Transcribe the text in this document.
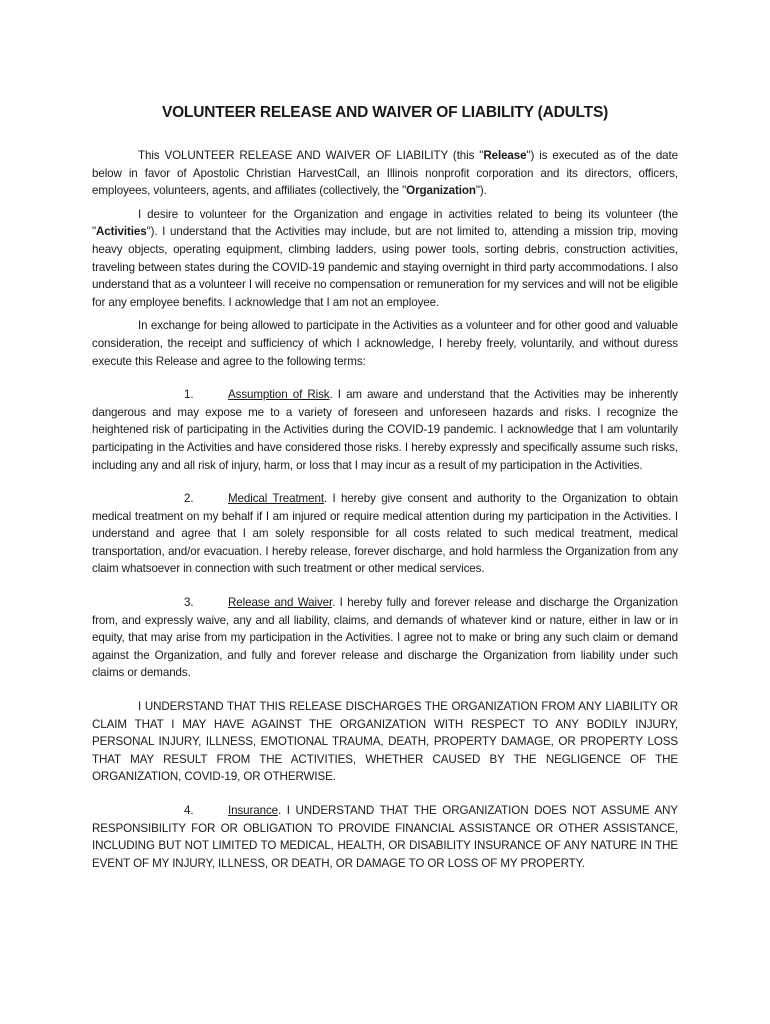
VOLUNTEER RELEASE AND WAIVER OF LIABILITY (ADULTS)

This VOLUNTEER RELEASE AND WAIVER OF LIABILITY (this "Release") is executed as of the date below in favor of Apostolic Christian HarvestCall, an Illinois nonprofit corporation and its directors, officers, employees, volunteers, agents, and affiliates (collectively, the "Organization").

I desire to volunteer for the Organization and engage in activities related to being its volunteer (the "Activities"). I understand that the Activities may include, but are not limited to, attending a mission trip, moving heavy objects, operating equipment, climbing ladders, using power tools, sorting debris, construction activities, traveling between states during the COVID-19 pandemic and staying overnight in third party accommodations. I also understand that as a volunteer I will receive no compensation or remuneration for my services and will not be eligible for any employee benefits. I acknowledge that I am not an employee.

In exchange for being allowed to participate in the Activities as a volunteer and for other good and valuable consideration, the receipt and sufficiency of which I acknowledge, I hereby freely, voluntarily, and without duress execute this Release and agree to the following terms:

1.	Assumption of Risk. I am aware and understand that the Activities may be inherently dangerous and may expose me to a variety of foreseen and unforeseen hazards and risks. I recognize the heightened risk of participating in the Activities during the COVID-19 pandemic. I acknowledge that I am voluntarily participating in the Activities and have considered those risks. I hereby expressly and specifically assume such risks, including any and all risk of injury, harm, or loss that I may incur as a result of my participation in the Activities.

2.	Medical Treatment. I hereby give consent and authority to the Organization to obtain medical treatment on my behalf if I am injured or require medical attention during my participation in the Activities. I understand and agree that I am solely responsible for all costs related to such medical treatment, medical transportation, and/or evacuation. I hereby release, forever discharge, and hold harmless the Organization from any claim whatsoever in connection with such treatment or other medical services.

3.	Release and Waiver. I hereby fully and forever release and discharge the Organization from, and expressly waive, any and all liability, claims, and demands of whatever kind or nature, either in law or in equity, that may arise from my participation in the Activities. I agree not to make or bring any such claim or demand against the Organization, and fully and forever release and discharge the Organization from liability under such claims or demands.

I UNDERSTAND THAT THIS RELEASE DISCHARGES THE ORGANIZATION FROM ANY LIABILITY OR CLAIM THAT I MAY HAVE AGAINST THE ORGANIZATION WITH RESPECT TO ANY BODILY INJURY, PERSONAL INJURY, ILLNESS, EMOTIONAL TRAUMA, DEATH, PROPERTY DAMAGE, OR PROPERTY LOSS THAT MAY RESULT FROM THE ACTIVITIES, WHETHER CAUSED BY THE NEGLIGENCE OF THE ORGANIZATION, COVID-19, OR OTHERWISE.

4.	Insurance. I UNDERSTAND THAT THE ORGANIZATION DOES NOT ASSUME ANY RESPONSIBILITY FOR OR OBLIGATION TO PROVIDE FINANCIAL ASSISTANCE OR OTHER ASSISTANCE, INCLUDING BUT NOT LIMITED TO MEDICAL, HEALTH, OR DISABILITY INSURANCE OF ANY NATURE IN THE EVENT OF MY INJURY, ILLNESS, OR DEATH, OR DAMAGE TO OR LOSS OF MY PROPERTY.
